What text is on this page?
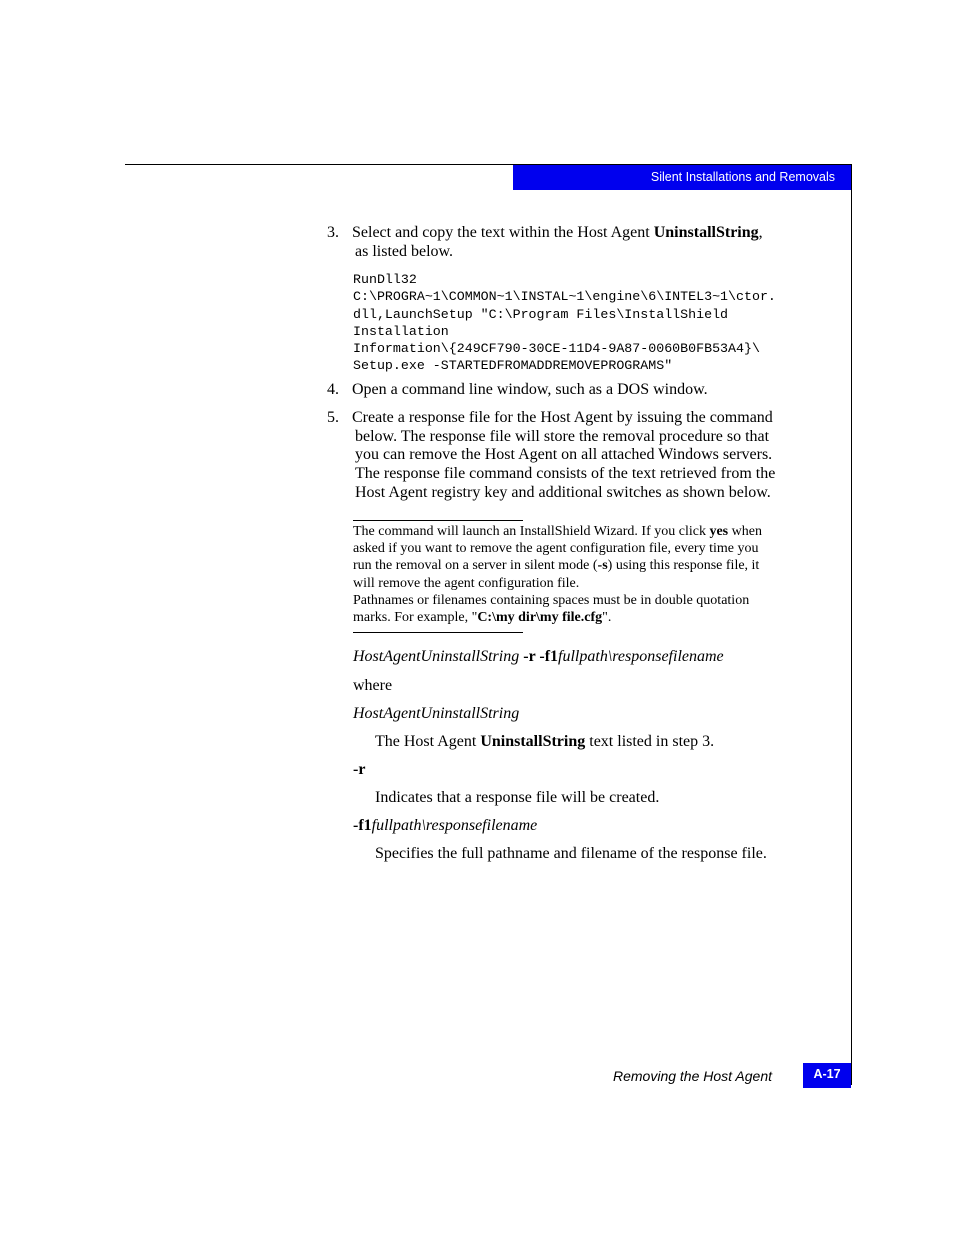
Silent Installations and Removals
3. Select and copy the text within the Host Agent UninstallString,
as listed below.
RunDll32
C:\PROGRA~1\COMMON~1\INSTAL~1\engine\6\INTEL3~1\ctor.
dll,LaunchSetup "C:\Program Files\InstallShield
Installation
Information\{249CF790-30CE-11D4-9A87-0060B0FB53A4}\
Setup.exe -STARTEDFROMADDREMOVEPROGRAMS"
4. Open a command line window, such as a DOS window.
5. Create a response file for the Host Agent by issuing the command
below. The response file will store the removal procedure so that
you can remove the Host Agent on all attached Windows servers.
The response file command consists of the text retrieved from the
Host Agent registry key and additional switches as shown below.
The command will launch an InstallShield Wizard. If you click yes when
asked if you want to remove the agent configuration file, every time you
run the removal on a server in silent mode (-s) using this response file, it
will remove the agent configuration file.
Pathnames or filenames containing spaces must be in double quotation
marks. For example, "C:\my dir\my file.cfg".
HostAgentUninstallString -r -f1fullpath\responsefilename
where
HostAgentUninstallString
The Host Agent UninstallString text listed in step 3.
-r
Indicates that a response file will be created.
-f1fullpath\responsefilename
Specifies the full pathname and filename of the response file.
Removing the Host Agent	A-17
